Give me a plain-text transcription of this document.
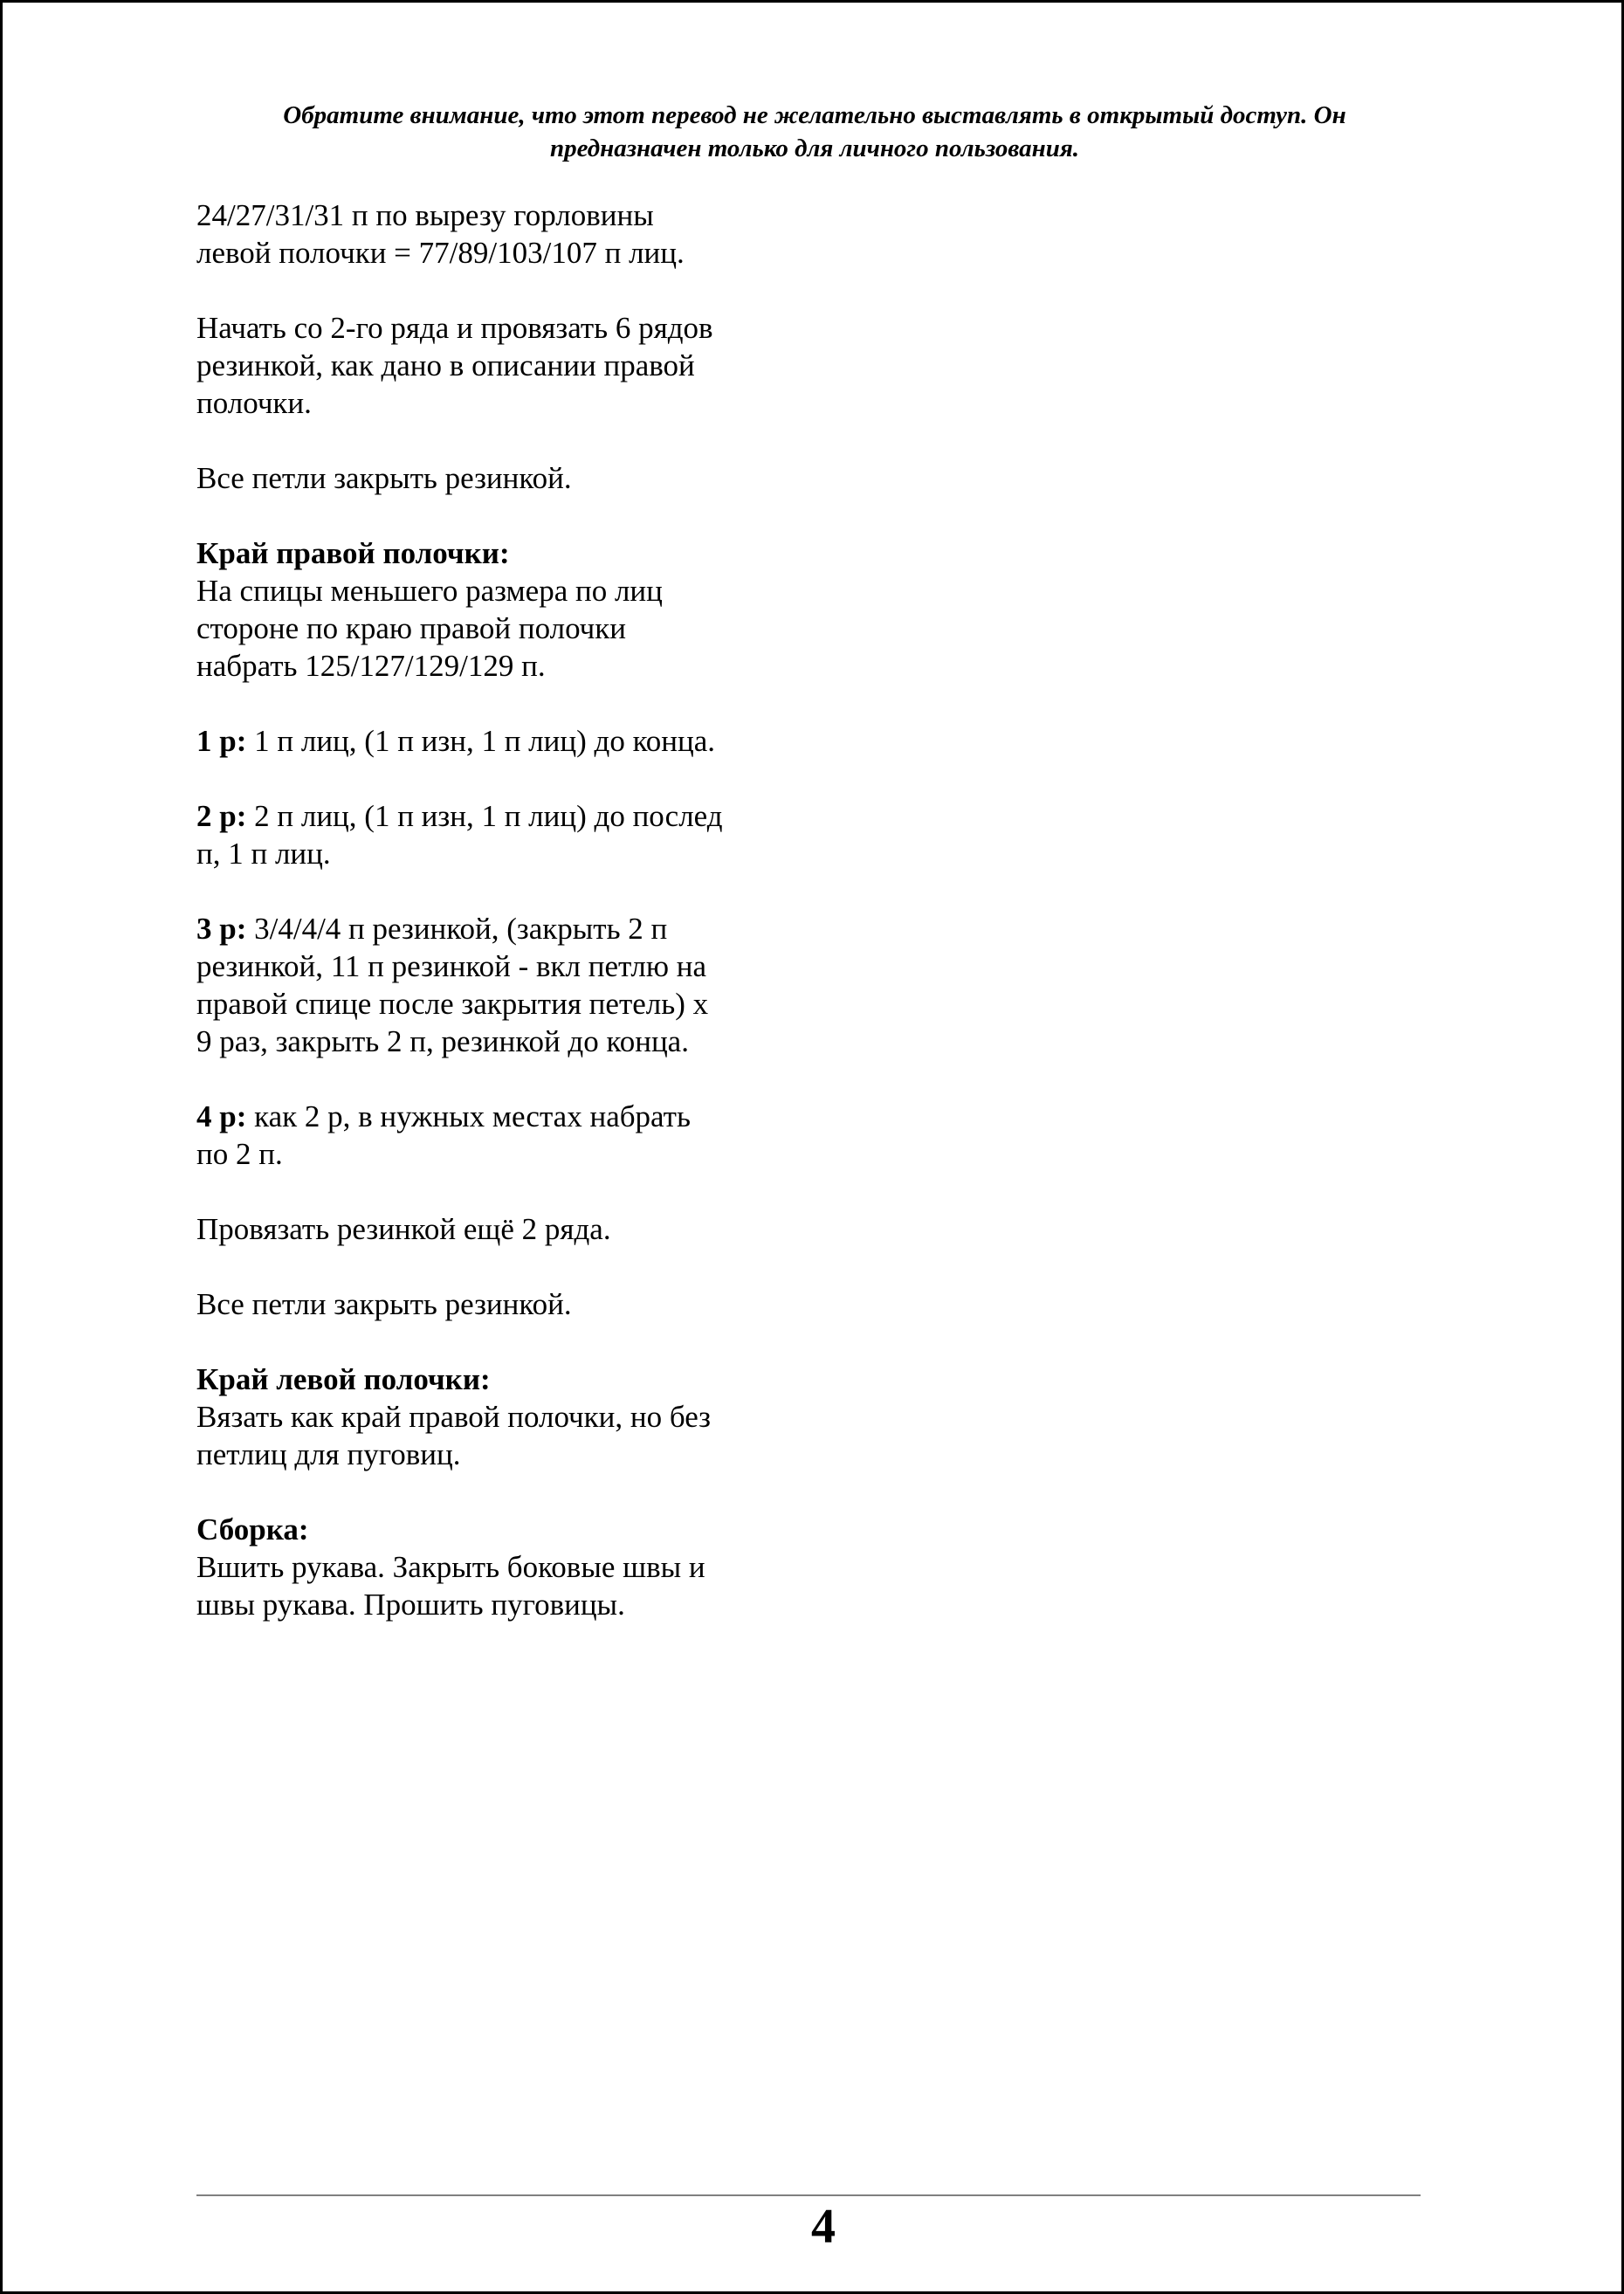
Обратите внимание, что этот перевод не желательно выставлять в открытый доступ. Он
предназначен только для личного пользования.

24/27/31/31 п по вырезу горловины
левой полочки = 77/89/103/107 п лиц.

Начать со 2-го ряда и провязать 6 рядов
резинкой, как дано в описании правой
полочки.

Все петли закрыть резинкой.

Край правой полочки:
На спицы меньшего размера по лиц
стороне по краю правой полочки
набрать 125/127/129/129 п.

1 р: 1 п лиц, (1 п изн, 1 п лиц) до конца.

2 р: 2 п лиц, (1 п изн, 1 п лиц) до послед
п, 1 п лиц.

3 р: 3/4/4/4 п резинкой, (закрыть 2 п
резинкой, 11 п резинкой - вкл петлю на
правой спице после закрытия петель) х
9 раз, закрыть 2 п, резинкой до конца.

4 р: как 2 р, в нужных местах набрать
по 2 п.

Провязать резинкой ещё 2 ряда.

Все петли закрыть резинкой.

Край левой полочки:
Вязать как край правой полочки, но без
петлиц для пуговиц.

Сборка:
Вшить рукава. Закрыть боковые швы и
швы рукава. Прошить пуговицы.

4
